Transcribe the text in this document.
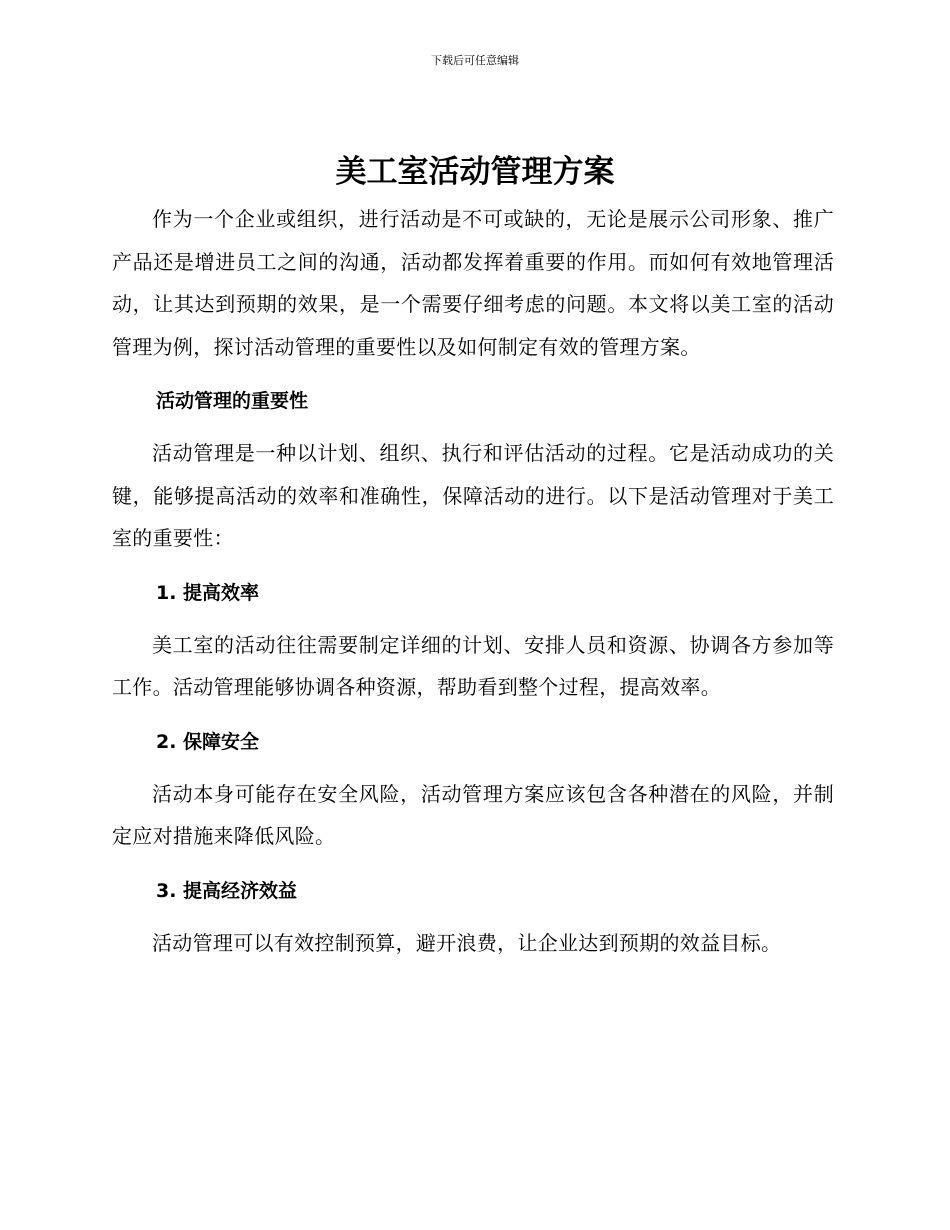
下载后可任意编辑
美工室活动管理方案

作为一个企业或组织，进行活动是不可或缺的，无论是展示公司形象、推广产品还是增进员工之间的沟通，活动都发挥着重要的作用。而如何有效地管理活动，让其达到预期的效果，是一个需要仔细考虑的问题。本文将以美工室的活动管理为例，探讨活动管理的重要性以及如何制定有效的管理方案。

活动管理的重要性

活动管理是一种以计划、组织、执行和评估活动的过程。它是活动成功的关键，能够提高活动的效率和准确性，保障活动的进行。以下是活动管理对于美工室的重要性：

1. 提高效率

美工室的活动往往需要制定详细的计划、安排人员和资源、协调各方参加等工作。活动管理能够协调各种资源，帮助看到整个过程，提高效率。

2. 保障安全

活动本身可能存在安全风险，活动管理方案应该包含各种潜在的风险，并制定应对措施来降低风险。

3. 提高经济效益

活动管理可以有效控制预算，避开浪费，让企业达到预期的效益目标。
